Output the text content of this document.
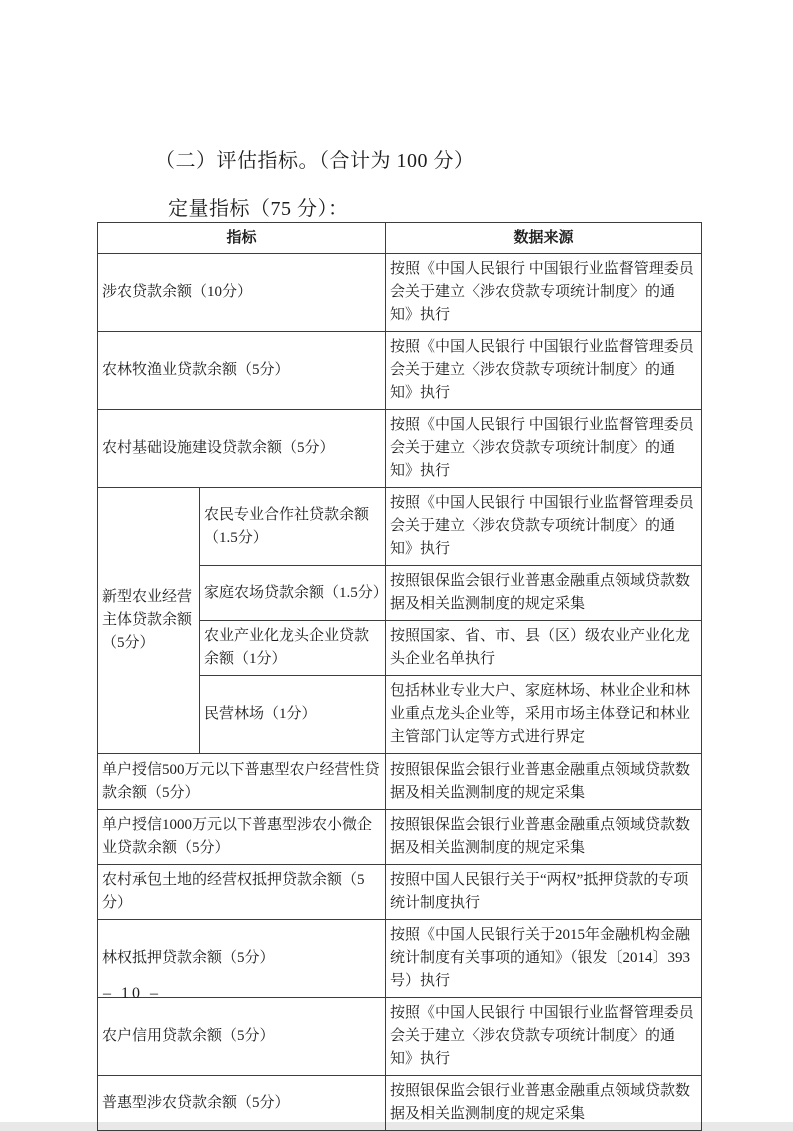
（二）评估指标。（合计为 100 分）
定量指标（75 分）：
指标		数据来源
涉农贷款余额（10分）		按照《中国人民银行 中国银行业监督管理委员会关于建立〈涉农贷款专项统计制度〉的通知》执行
农林牧渔业贷款余额（5分）		按照《中国人民银行 中国银行业监督管理委员会关于建立〈涉农贷款专项统计制度〉的通知》执行
农村基础设施建设贷款余额（5分）		按照《中国人民银行 中国银行业监督管理委员会关于建立〈涉农贷款专项统计制度〉的通知》执行
新型农业经营主体贷款余额（5分）	农民专业合作社贷款余额（1.5分）	按照《中国人民银行 中国银行业监督管理委员会关于建立〈涉农贷款专项统计制度〉的通知》执行
	家庭农场贷款余额（1.5分）	按照银保监会银行业普惠金融重点领域贷款数据及相关监测制度的规定采集
	农业产业化龙头企业贷款余额（1分）	按照国家、省、市、县（区）级农业产业化龙头企业名单执行
	民营林场（1分）	包括林业专业大户、家庭林场、林业企业和林业重点龙头企业等，采用市场主体登记和林业主管部门认定等方式进行界定
单户授信500万元以下普惠型农户经营性贷款余额（5分）		按照银保监会银行业普惠金融重点领域贷款数据及相关监测制度的规定采集
单户授信1000万元以下普惠型涉农小微企业贷款余额（5分）		按照银保监会银行业普惠金融重点领域贷款数据及相关监测制度的规定采集
农村承包土地的经营权抵押贷款余额（5分）		按照中国人民银行关于“两权”抵押贷款的专项统计制度执行
林权抵押贷款余额（5分）		按照《中国人民银行关于2015年金融机构金融统计制度有关事项的通知》（银发〔2014〕393号）执行
农户信用贷款余额（5分）		按照《中国人民银行 中国银行业监督管理委员会关于建立〈涉农贷款专项统计制度〉的通知》执行
普惠型涉农贷款余额（5分）		按照银保监会银行业普惠金融重点领域贷款数据及相关监测制度的规定采集
– 10 –
